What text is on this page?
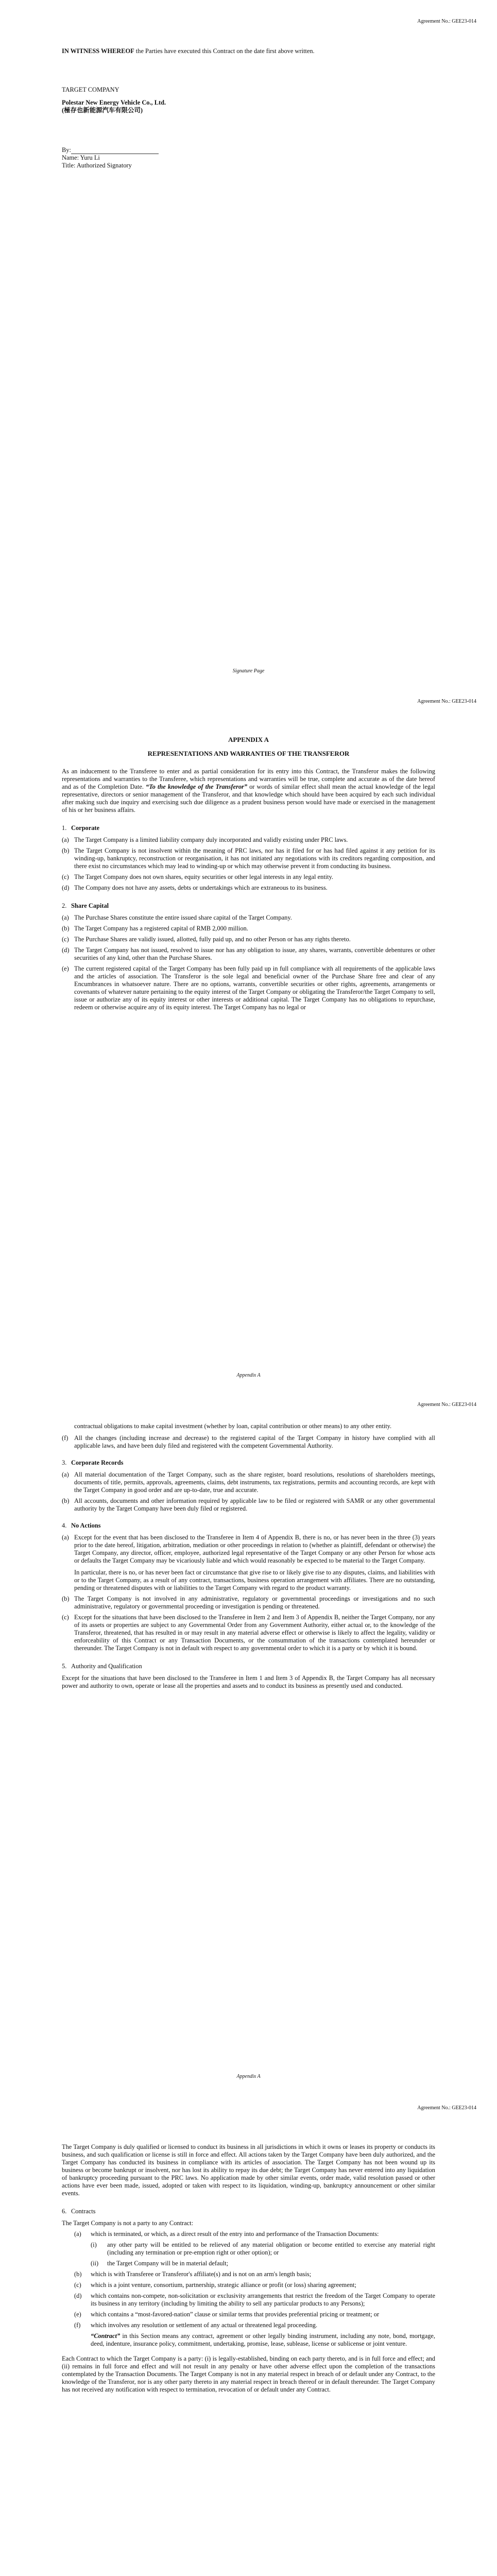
Agreement No.: GEE23-014

IN WITNESS WHEREOF the Parties have executed this Contract on the date first above written.

TARGET COMPANY

Polestar New Energy Vehicle Co., Ltd.

(極存也新能源汽车有限公司)

By:

Name: Yuru Li

Title: Authorized Signatory

Signature Page
Agreement No.: GEE23-014

APPENDIX A

REPRESENTATIONS AND WARRANTIES OF THE TRANSFEROR

As an inducement to the Transferee to enter and as partial consideration for its entry into this Contract, the Transferor makes the following representations and warranties to the Transferee, which representations and warranties will be true, complete and accurate as of the date hereof and as of the Completion Date. “To the knowledge of the Transferor” or words of similar effect shall mean the actual knowledge of the legal representative, directors or senior management of the Transferor, and that knowledge which should have been acquired by each such individual after making such due inquiry and exercising such due diligence as a prudent business person would have made or exercised in the management of his or her business affairs.

1. Corporate
(a) The Target Company is a limited liability company duly incorporated and validly existing under PRC laws.
(b) The Target Company is not insolvent within the meaning of PRC laws, nor has it filed for or has had filed against it any petition for its winding-up, bankruptcy, reconstruction or reorganisation, it has not initiated any negotiations with its creditors regarding composition, and there exist no circumstances which may lead to winding-up or which may otherwise prevent it from conducting its business.
(c) The Target Company does not own shares, equity securities or other legal interests in any legal entity.
(d) The Company does not have any assets, debts or undertakings which are extraneous to its business.
2. Share Capital
(a) The Purchase Shares constitute the entire issued share capital of the Target Company.
(b) The Target Company has a registered capital of RMB 2,000 million.
(c) The Purchase Shares are validly issued, allotted, fully paid up, and no other Person or has any rights thereto.
(d) The Target Company has not issued, resolved to issue nor has any obligation to issue, any shares, warrants, convertible debentures or other securities of any kind, other than the Purchase Shares.
(e) The current registered capital of the Target Company has been fully paid up in full compliance with all requirements of the applicable laws and the articles of association. The Transferor is the sole legal and beneficial owner of the Purchase Share free and clear of any Encumbrances in whatsoever nature. There are no options, warrants, convertible securities or other rights, agreements, arrangements or covenants of whatever nature pertaining to the equity interest of the Target Company or obligating the Transferor/the Target Company to sell, issue or authorize any of its equity interest or other interests or additional capital. The Target Company has no obligations to repurchase, redeem or otherwise acquire any of its equity interest. The Target Company has no legal or
Appendix A
Agreement No.: GEE23-014

contractual obligations to make capital investment (whether by loan, capital contribution or other means) to any other entity.

(f) All the changes (including increase and decrease) to the registered capital of the Target Company in history have complied with all applicable laws, and have been duly filed and registered with the competent Governmental Authority.
3. Corporate Records
(a) All material documentation of the Target Company, such as the share register, board resolutions, resolutions of shareholders meetings, documents of title, permits, approvals, agreements, claims, debt instruments, tax registrations, permits and accounting records, are kept with the Target Company in good order and are up-to-date, true and accurate.
(b) All accounts, documents and other information required by applicable law to be filed or registered with SAMR or any other governmental authority by the Target Company have been duly filed or registered.
4. No Actions
(a) Except for the event that has been disclosed to the Transferee in Item 4 of Appendix B, there is no, or has never been in the three (3) years prior to the date hereof, litigation, arbitration, mediation or other proceedings in relation to (whether as plaintiff, defendant or otherwise) the Target Company, any director, officer, employee, authorized legal representative of the Target Company or any other Person for whose acts or defaults the Target Company may be vicariously liable and which would reasonably be expected to be material to the Target Company.
In particular, there is no, or has never been fact or circumstance that give rise to or likely give rise to any disputes, claims, and liabilities with or to the Target Company, as a result of any contract, transactions, business operation arrangement with affiliates. There are no outstanding, pending or threatened disputes with or liabilities to the Target Company with regard to the product warranty.
(b) The Target Company is not involved in any administrative, regulatory or governmental proceedings or investigations and no such administrative, regulatory or governmental proceeding or investigation is pending or threatened.
(c) Except for the situations that have been disclosed to the Transferee in Item 2 and Item 3 of Appendix B, neither the Target Company, nor any of its assets or properties are subject to any Governmental Order from any Government Authority, either actual or, to the knowledge of the Transferor, threatened, that has resulted in or may result in any material adverse effect or otherwise is likely to affect the legality, validity or enforceability of this Contract or any Transaction Documents, or the consummation of the transactions contemplated hereunder or thereunder. The Target Company is not in default with respect to any governmental order to which it is a party or by which it is bound.
5. Authority and Qualification

Except for the situations that have been disclosed to the Transferee in Item 1 and Item 3 of Appendix B, the Target Company has all necessary power and authority to own, operate or lease all the properties and assets and to conduct its business as presently used and conducted.

Appendix A
Agreement No.: GEE23-014

The Target Company is duly qualified or licensed to conduct its business in all jurisdictions in which it owns or leases its property or conducts its business, and such qualification or license is still in force and effect. All actions taken by the Target Company have been duly authorized, and the Target Company has conducted its business in compliance with its articles of association. The Target Company has not been wound up its business or become bankrupt or insolvent, nor has lost its ability to repay its due debt; the Target Company has never entered into any liquidation of bankruptcy proceeding pursuant to the PRC laws. No application made by other similar events, order made, valid resolution passed or other actions have ever been made, issued, adopted or taken with respect to its liquidation, winding-up, bankruptcy announcement or other similar events.

6. Contracts

The Target Company is not a party to any Contract:

(a)	which is terminated, or which, as a direct result of the entry into and performance of the Transaction Documents:
(i)	any other party will be entitled to be relieved of any material obligation or become entitled to exercise any material right (including any termination or pre-emption right or other option); or
(ii)	the Target Company will be in material default;
(b)	which is with Transferee or Transferor's affiliate(s) and is not on an arm's length basis;
(c)	which is a joint venture, consortium, partnership, strategic alliance or profit (or loss) sharing agreement;
(d)	which contains non-compete, non-solicitation or exclusivity arrangements that restrict the freedom of the Target Company to operate its business in any territory (including by limiting the ability to sell any particular products to any Persons);
(e)	which contains a “most-favored-nation” clause or similar terms that provides preferential pricing or treatment; or
(f)	which involves any resolution or settlement of any actual or threatened legal proceeding.

“Contract” in this Section means any contract, agreement or other legally binding instrument, including any note, bond, mortgage, deed, indenture, insurance policy, commitment, undertaking, promise, lease, sublease, license or sublicense or joint venture.

Each Contract to which the Target Company is a party: (i) is legally-established, binding on each party thereto, and is in full force and effect; and (ii) remains in full force and effect and will not result in any penalty or have other adverse effect upon the completion of the transactions contemplated by the Transaction Documents. The Target Company is not in any material respect in breach of or default under any Contract, to the knowledge of the Transferor, nor is any other party thereto in any material respect in breach thereof or in default thereunder. The Target Company has not received any notification with respect to termination, revocation of or default under any Contract.
